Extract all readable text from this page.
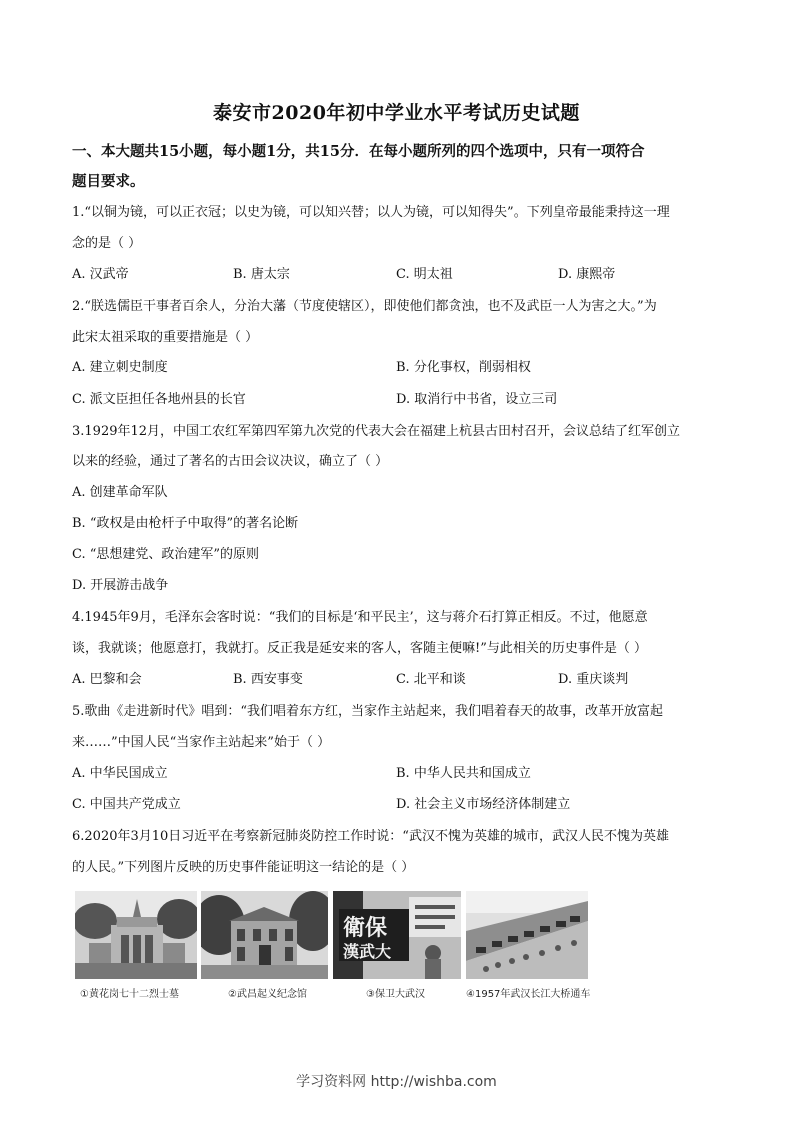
泰安市2020年初中学业水平考试历史试题
一、本大题共15小题，每小题1分，共15分．在每小题所列的四个选项中，只有一项符合
题目要求。
1.“以铜为镜，可以正衣冠；以史为镜，可以知兴替；以人为镜，可以知得失”。下列皇帝最能秉持这一理
念的是（ ）
A. 汉武帝	B. 唐太宗	C. 明太祖	D. 康熙帝
2.“朕选儒臣干事者百余人，分治大藩（节度使辖区），即使他们都贪浊，也不及武臣一人为害之大。”为
此宋太祖采取的重要措施是（ ）
A. 建立刺史制度	B. 分化事权，削弱相权
C. 派文臣担任各地州县的长官	D. 取消行中书省，设立三司
3.1929年12月，中国工农红军第四军第九次党的代表大会在福建上杭县古田村召开，会议总结了红军创立
以来的经验，通过了著名的古田会议决议，确立了（ ）
A. 创建革命军队
B. “政权是由枪杆子中取得”的著名论断
C. “思想建党、政治建军”的原则
D. 开展游击战争
4.1945年9月，毛泽东会客时说：“我们的目标是‘和平民主’，这与蒋介石打算正相反。不过，他愿意
谈，我就谈；他愿意打，我就打。反正我是延安来的客人，客随主便嘛!”与此相关的历史事件是（ ）
A. 巴黎和会	B. 西安事变	C. 北平和谈	D. 重庆谈判
5.歌曲《走进新时代》唱到：“我们唱着东方红，当家作主站起来，我们唱着春天的故事，改革开放富起
来……”中国人民“当家作主站起来”始于（ ）
A. 中华民国成立	B. 中华人民共和国成立
C. 中国共产党成立	D. 社会主义市场经济体制建立
6.2020年3月10日习近平在考察新冠肺炎防控工作时说：“武汉不愧为英雄的城市，武汉人民不愧为英雄
的人民。”下列图片反映的历史事件能证明这一结论的是（ ）
衛保
漢武大
①黄花岗七十二烈士墓	②武昌起义纪念馆	③保卫大武汉	④1957年武汉长江大桥通车
学习资料网 http://wishba.com
